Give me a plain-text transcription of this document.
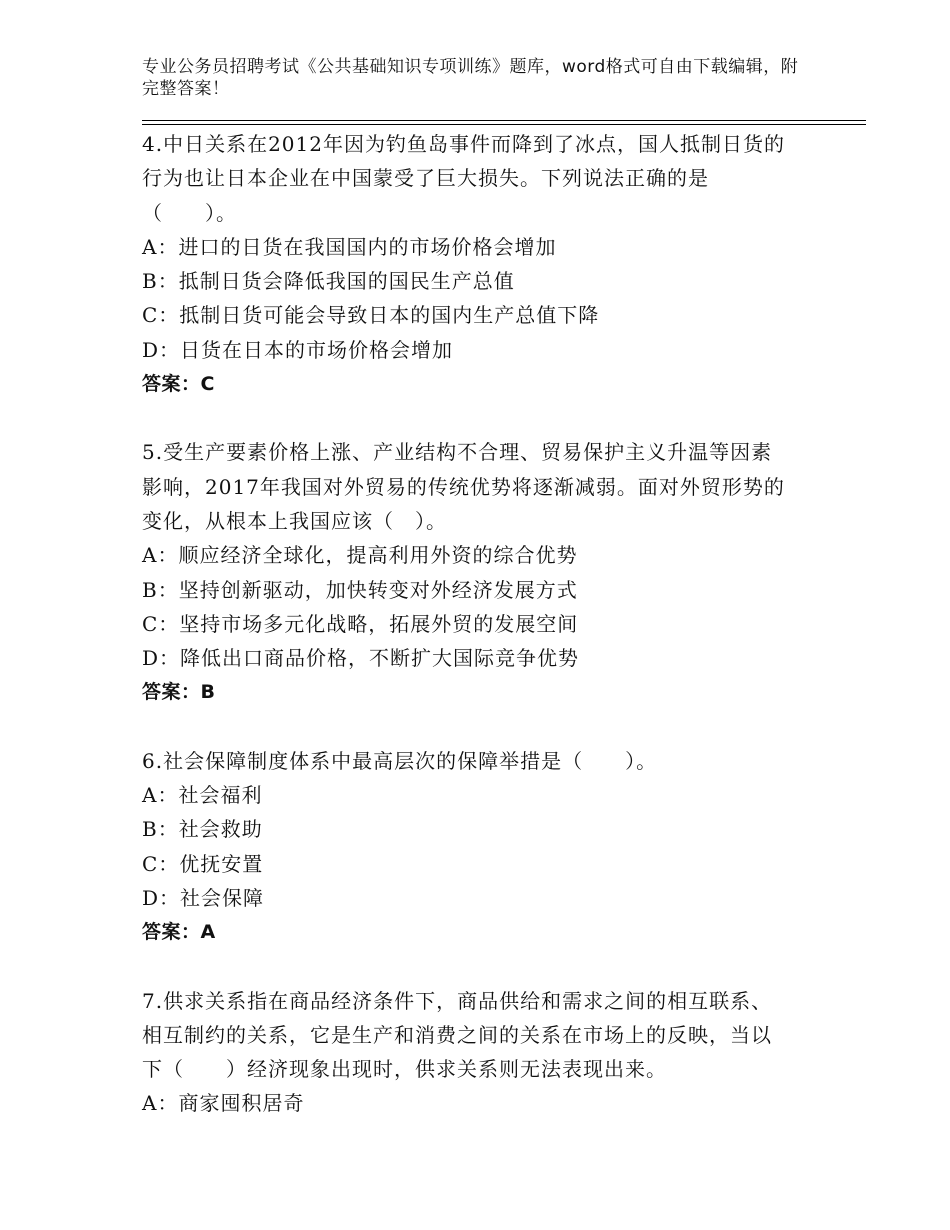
专业公务员招聘考试《公共基础知识专项训练》题库，word格式可自由下载编辑，附完整答案！
4.中日关系在2012年因为钓鱼岛事件而降到了冰点，国人抵制日货的
行为也让日本企业在中国蒙受了巨大损失。下列说法正确的是
（　　）。
A：进口的日货在我国国内的市场价格会增加
B：抵制日货会降低我国的国民生产总值
C：抵制日货可能会导致日本的国内生产总值下降
D：日货在日本的市场价格会增加
答案：C
5.受生产要素价格上涨、产业结构不合理、贸易保护主义升温等因素
影响，2017年我国对外贸易的传统优势将逐渐减弱。面对外贸形势的
变化，从根本上我国应该（　）。
A：顺应经济全球化，提高利用外资的综合优势
B：坚持创新驱动，加快转变对外经济发展方式
C：坚持市场多元化战略，拓展外贸的发展空间
D：降低出口商品价格，不断扩大国际竞争优势
答案：B
6.社会保障制度体系中最高层次的保障举措是（　　）。
A：社会福利
B：社会救助
C：优抚安置
D：社会保障
答案：A
7.供求关系指在商品经济条件下，商品供给和需求之间的相互联系、
相互制约的关系，它是生产和消费之间的关系在市场上的反映，当以
下（　　）经济现象出现时，供求关系则无法表现出来。
A：商家囤积居奇
